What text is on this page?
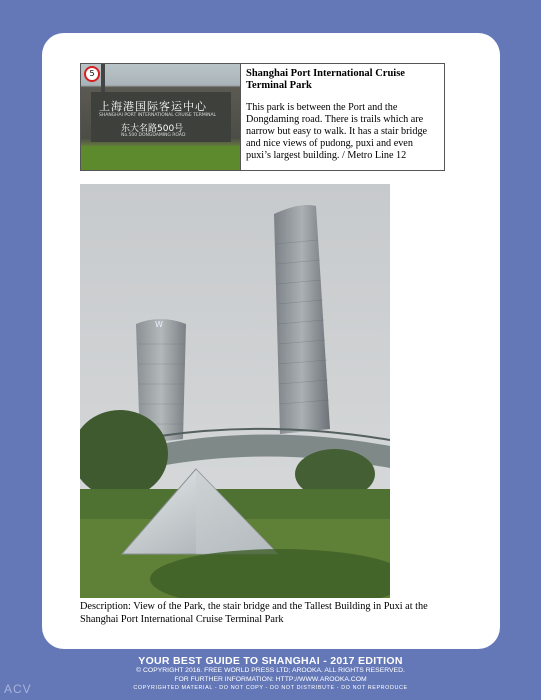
5
上海港国际客运中心
SHANGHAI PORT INTERNATIONAL CRUISE TERMINAL
东大名路500号
No.500 DONGDAMING ROAD

Shanghai Port International Cruise Terminal Park

This park is between the Port and the Dongdaming road. There is trails which are narrow but easy to walk. It has a stair bridge and nice views of pudong, puxi and even puxi’s largest building. / Metro Line 12

W
Description: View of the Park, the stair bridge and the Tallest Building in Puxi at the Shanghai Port International Cruise Terminal Park
YOUR BEST GUIDE TO SHANGHAI - 2017 EDITION
© COPYRIGHT 2016. FREE WORLD PRESS LTD; AROOKA. ALL RIGHTS RESERVED.
FOR FURTHER INFORMATION: HTTP://WWW.AROOKA.COM
COPYRIGHTED MATERIAL - DO NOT COPY - DO NOT DISTRIBUTE - DO NOT REPRODUCE
ACV
